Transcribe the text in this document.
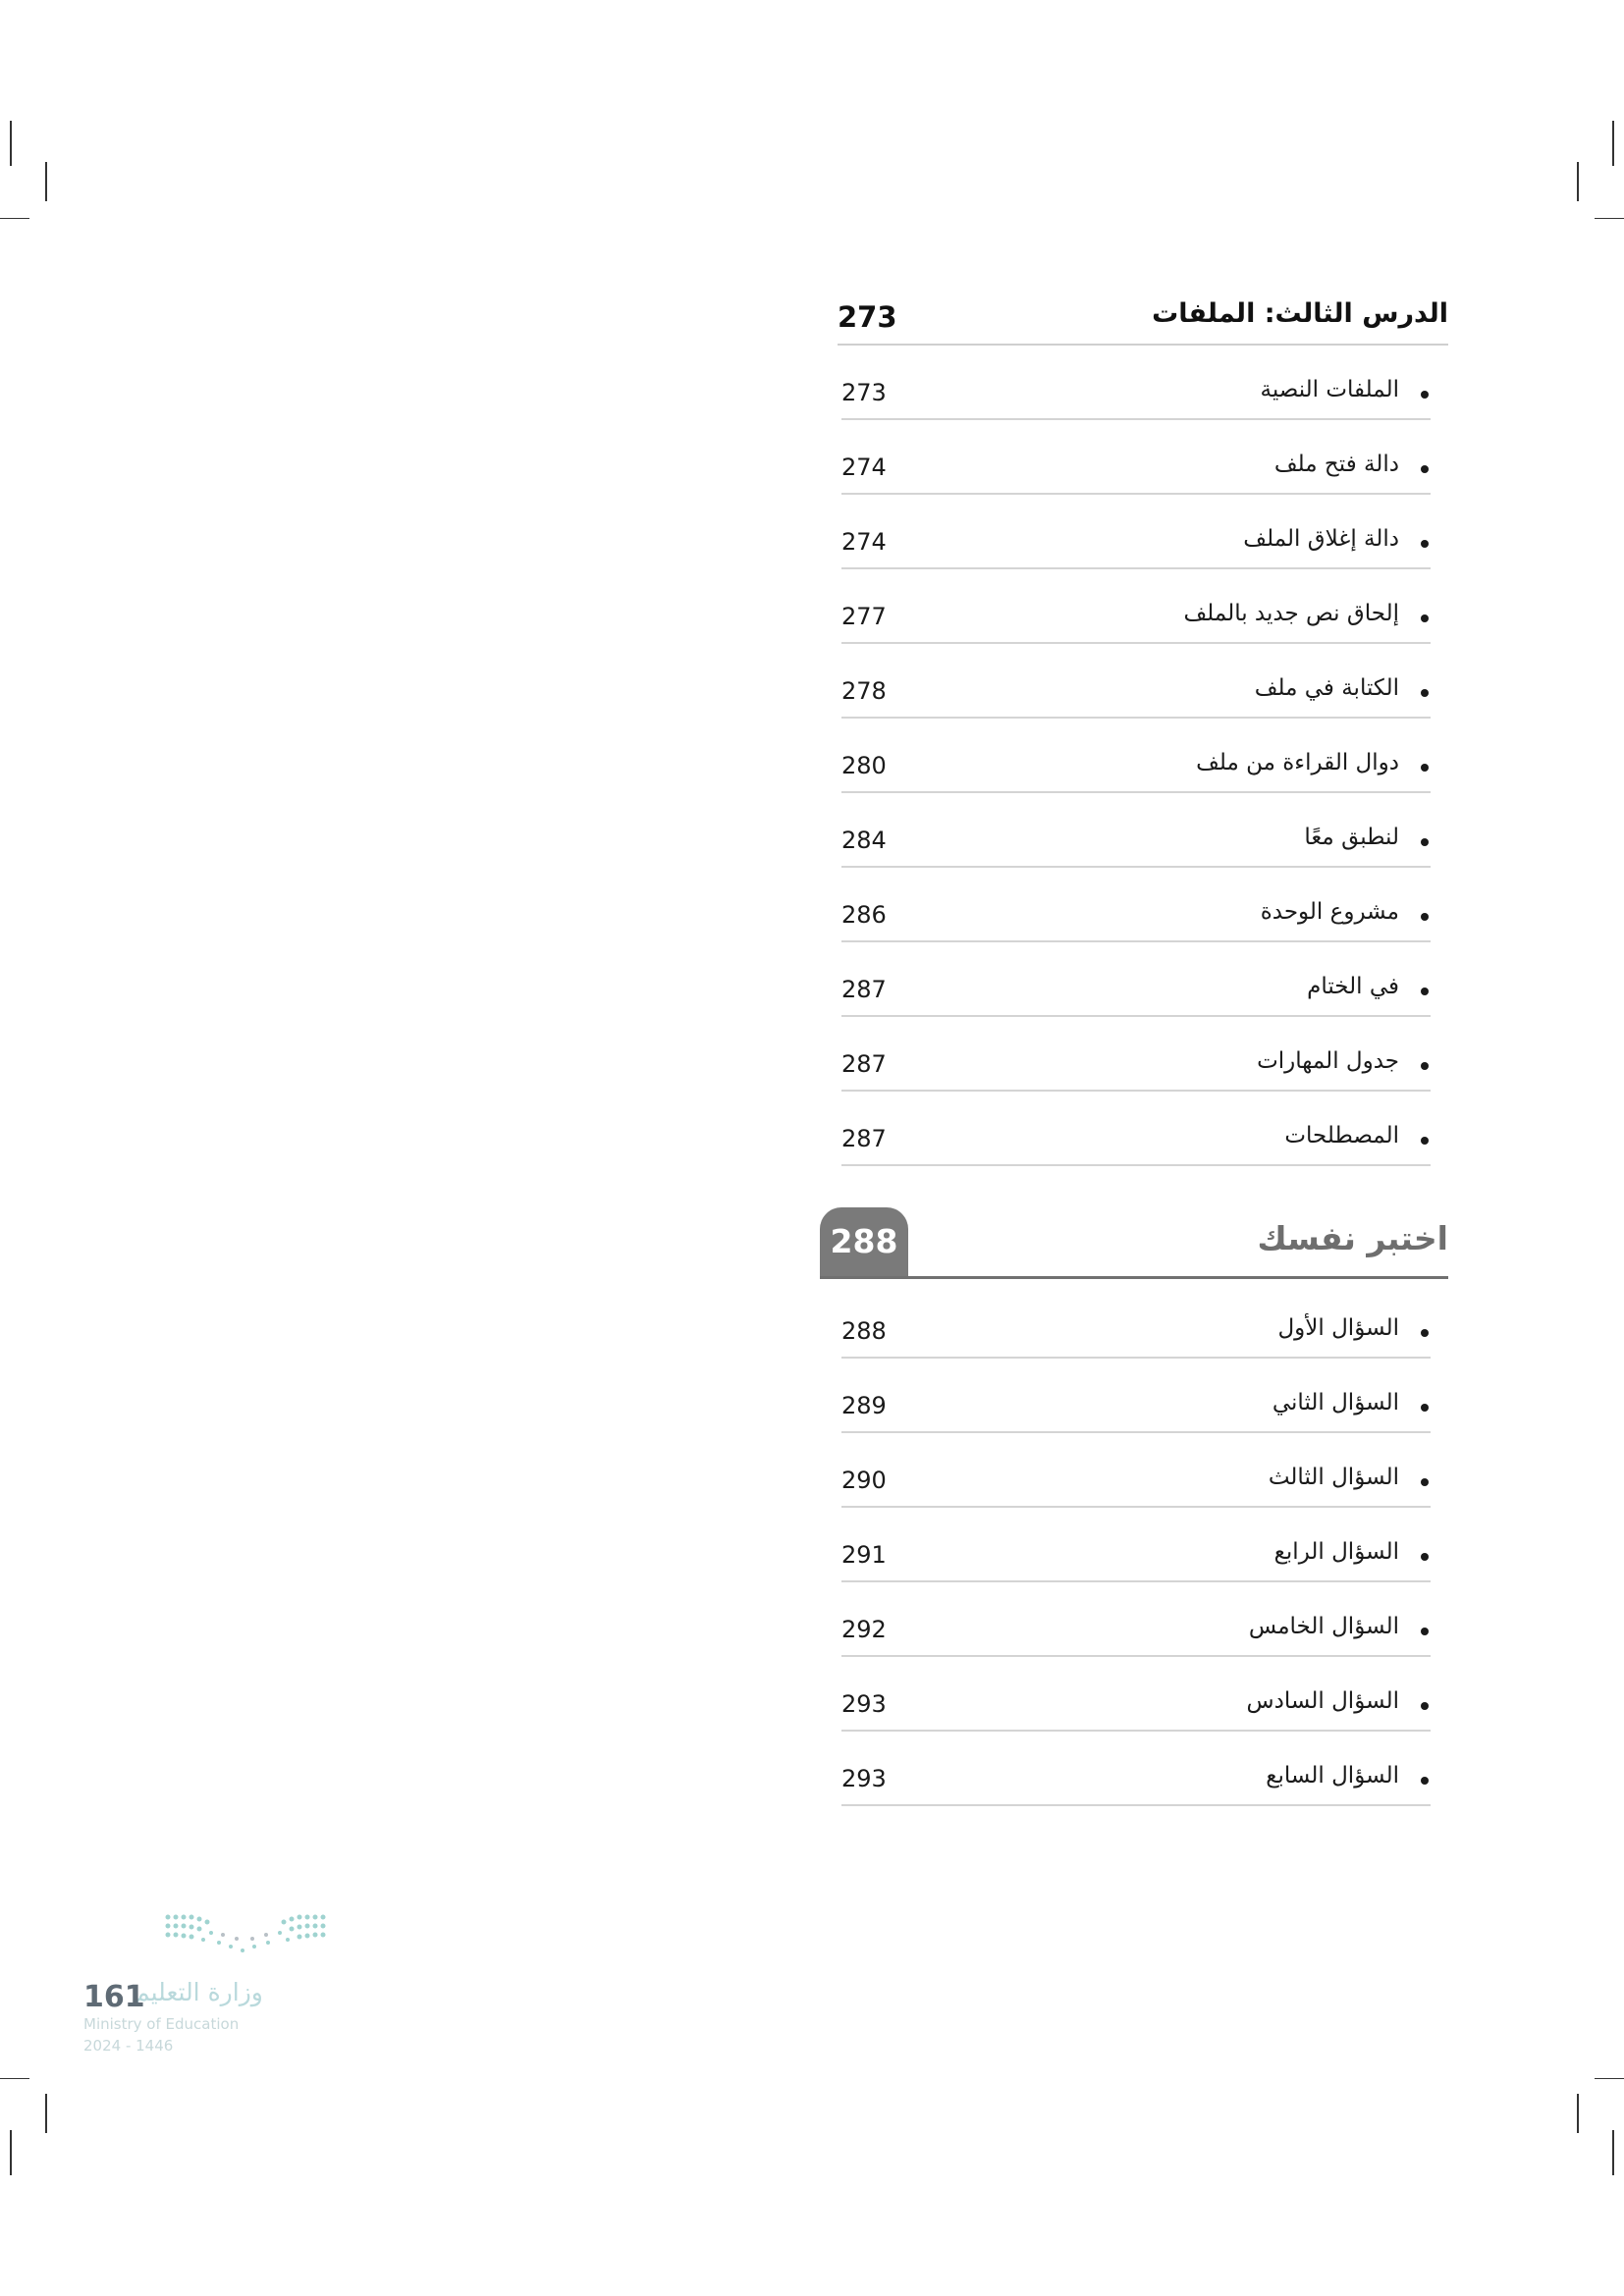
الدرس الثالث: الملفات
273
الملفات النصية
273
دالة فتح ملف
274
دالة إغلاق الملف
274
إلحاق نص جديد بالملف
277
الكتابة في ملف
278
دوال القراءة من ملف
280
لنطبق معًا
284
مشروع الوحدة
286
في الختام
287
جدول المهارات
287
المصطلحات
287
اختبر نفسك
288
السؤال الأول
288
السؤال الثاني
289
السؤال الثالث
290
السؤال الرابع
291
السؤال الخامس
292
السؤال السادس
293
السؤال السابع
293
وزارة التعليم
161
Ministry of Education
2024 - 1446
